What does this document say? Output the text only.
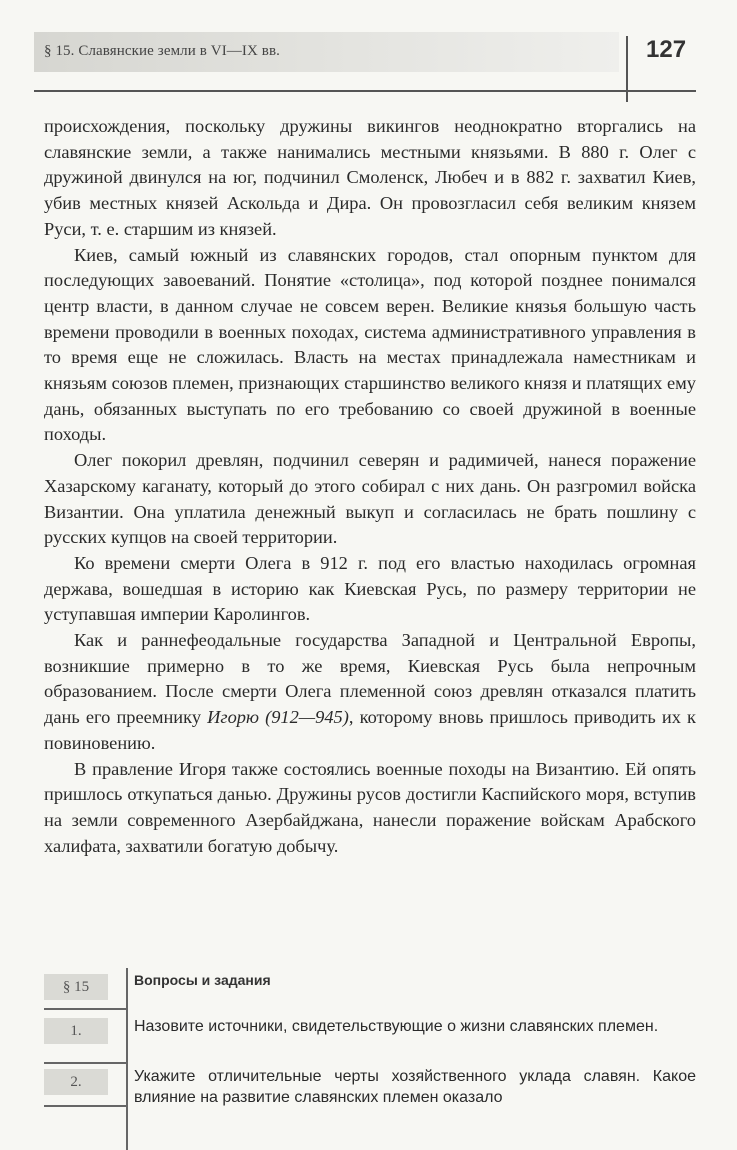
§ 15. Славянские земли в VI—IX вв.	127

происхождения, поскольку дружины викингов неоднократно вторгались на славянские земли, а также нанимались местными князьями. В 880 г. Олег с дружиной двинулся на юг, подчинил Смоленск, Любеч и в 882 г. захватил Киев, убив местных князей Аскольда и Дира. Он провозгласил себя великим князем Руси, т. е. старшим из князей.

Киев, самый южный из славянских городов, стал опорным пунктом для последующих завоеваний. Понятие «столица», под которой позднее понимался центр власти, в данном случае не совсем верен. Великие князья большую часть времени проводили в военных походах, система административного управления в то время еще не сложилась. Власть на местах принадлежала наместникам и князьям союзов племен, признающих старшинство великого князя и платящих ему дань, обязанных выступать по его требованию со своей дружиной в военные походы.

Олег покорил древлян, подчинил северян и радимичей, нанеся поражение Хазарскому каганату, который до этого собирал с них дань. Он разгромил войска Византии. Она уплатила денежный выкуп и согласилась не брать пошлину с русских купцов на своей территории.

Ко времени смерти Олега в 912 г. под его властью находилась огромная держава, вошедшая в историю как Киевская Русь, по размеру территории не уступавшая империи Каролингов.

Как и раннефеодальные государства Западной и Центральной Европы, возникшие примерно в то же время, Киевская Русь была непрочным образованием. После смерти Олега племенной союз древлян отказался платить дань его преемнику Игорю (912—945), которому вновь пришлось приводить их к повиновению.

В правление Игоря также состоялись военные походы на Византию. Ей опять пришлось откупаться данью. Дружины русов достигли Каспийского моря, вступив на земли современного Азербайджана, нанесли поражение войскам Арабского халифата, захватили богатую добычу.

§ 15	Вопросы и задания
1.	Назовите источники, свидетельствующие о жизни славянских племен.
2.	Укажите отличительные черты хозяйственного уклада славян. Какое влияние на развитие славянских племен оказало
